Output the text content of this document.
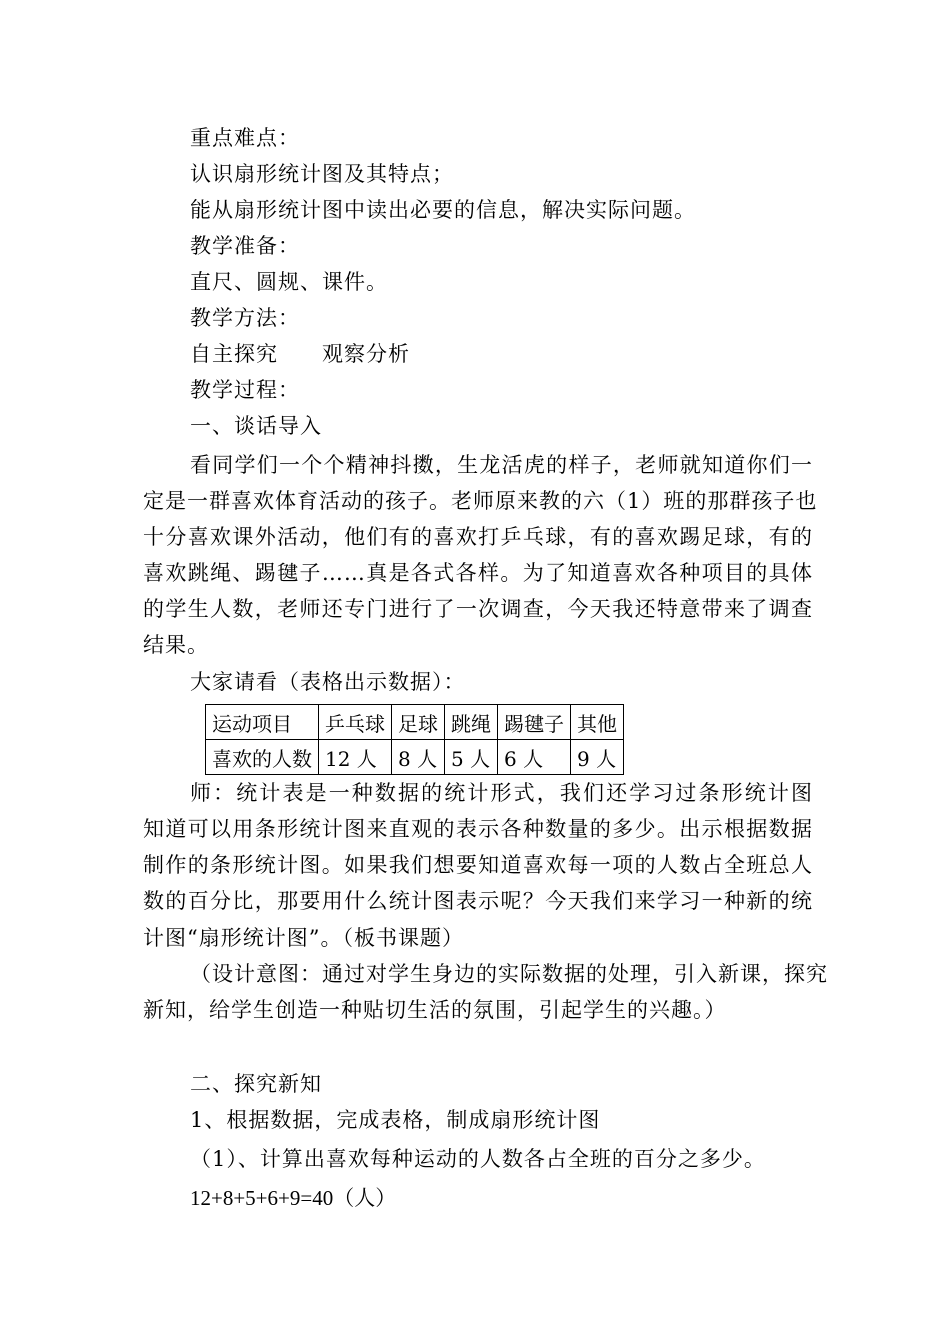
重点难点：
认识扇形统计图及其特点；
能从扇形统计图中读出必要的信息，解决实际问题。
教学准备：
直尺、圆规、课件。
教学方法：
自主探究　　观察分析
教学过程：
一、谈话导入
看同学们一个个精神抖擞，生龙活虎的样子，老师就知道你们一
定是一群喜欢体育活动的孩子。老师原来教的六（1）班的那群孩子也
十分喜欢课外活动，他们有的喜欢打乒乓球，有的喜欢踢足球，有的
喜欢跳绳、踢毽子……真是各式各样。为了知道喜欢各种项目的具体
的学生人数，老师还专门进行了一次调查，今天我还特意带来了调查
结果。
大家请看（表格出示数据）：
运动项目	乒乓球	足球	跳绳	踢毽子	其他
喜欢的人数	12 人	8 人	5 人	6 人	9 人
师：统计表是一种数据的统计形式，我们还学习过条形统计图
知道可以用条形统计图来直观的表示各种数量的多少。出示根据数据
制作的条形统计图。如果我们想要知道喜欢每一项的人数占全班总人
数的百分比，那要用什么统计图表示呢？今天我们来学习一种新的统
计图“扇形统计图”。（板书课题）
（设计意图：通过对学生身边的实际数据的处理，引入新课，探究
新知，给学生创造一种贴切生活的氛围，引起学生的兴趣。）
二、探究新知
1、根据数据，完成表格，制成扇形统计图
（1）、计算出喜欢每种运动的人数各占全班的百分之多少。
12+8+5+6+9=40（人）
